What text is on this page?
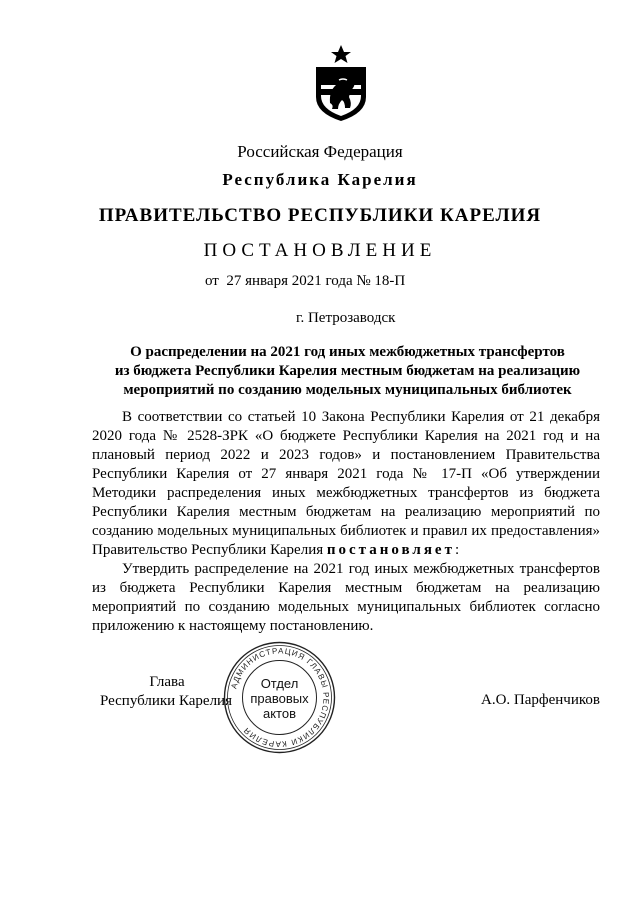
Российская Федерация
Республика Карелия
ПРАВИТЕЛЬСТВО РЕСПУБЛИКИ КАРЕЛИЯ
ПОСТАНОВЛЕНИЕ
от  27 января 2021 года № 18-П
г. Петрозаводск
О распределении на 2021 год иных межбюджетных трансфертов
из бюджета Республики Карелия местным бюджетам на реализацию
мероприятий по созданию модельных муниципальных библиотек

В соответствии со статьей 10 Закона Республики Карелия от 21 декабря 2020 года № 2528-ЗРК «О бюджете Республики Карелия на 2021 год и на плановый период 2022 и 2023 годов» и постановлением Правительства Республики Карелия от 27 января 2021 года № 17-П «Об утверждении Методики распределения иных межбюджетных трансфертов из бюджета Республики Карелия местным бюджетам на реализацию мероприятий по созданию модельных муниципальных библиотек и правил их предоставления» Правительство Республики Карелия постановляет:

Утвердить распределение на 2021 год иных межбюджетных трансфертов из бюджета Республики Карелия местным бюджетам на реализацию мероприятий по созданию модельных муниципальных библиотек согласно приложению к настоящему постановлению.

Глава
Республики Карелия
АДМИНИСТРАЦИЯ ГЛАВЫ РЕСПУБЛИКИ КАРЕЛИЯ
Отдел
правовых
актов
А.О. Парфенчиков
